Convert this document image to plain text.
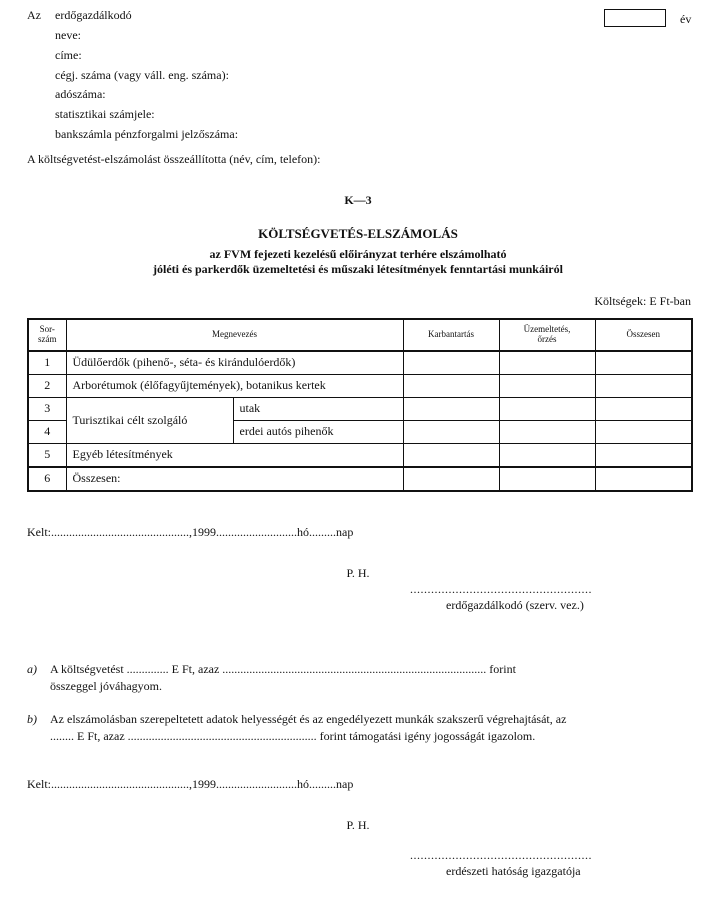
Az erdőgazdálkodó	év
neve:
címe:
cégj. száma (vagy váll. eng. száma):
adószáma:
statisztikai számjele:
bankszámla pénzforgalmi jelzőszáma:
A költségvetést-elszámolást összeállította (név, cím, telefon):
K—3
KÖLTSÉGVETÉS-ELSZÁMOLÁS
az FVM fejezeti kezelésű előirányzat terhére elszámolható
jóléti és parkerdők üzemeltetési és műszaki létesítmények fenntartási munkáiról
Költségek: E Ft-ban
Sor-
szám	Megnevezés		Karbantartás	Üzemeltetés,
őrzés	Összesen
1	Üdülőerdők (pihenő-, séta- és kirándulóerdők)				
2	Arborétumok (élőfagyűjtemények), botanikus kertek				
3	Turisztikai célt szolgáló	utak			
4		erdei autós pihenők			
5	Egyéb létesítmények				
6	Összesen:				
Kelt:..............................................,1999...........................hó.........nap
P. H.
....................................................
erdőgazdálkodó (szerv. vez.)
a) A költségvetést .............. E Ft, azaz ........................................................................................ forint
összeggel jóváhagyom.
b) Az elszámolásban szerepeltetett adatok helyességét és az engedélyezett munkák szakszerű végrehajtását, az
........ E Ft, azaz ............................................................... forint támogatási igény jogosságát igazolom.
Kelt:..............................................,1999...........................hó.........nap
P. H.
....................................................
erdészeti hatóság igazgatója
